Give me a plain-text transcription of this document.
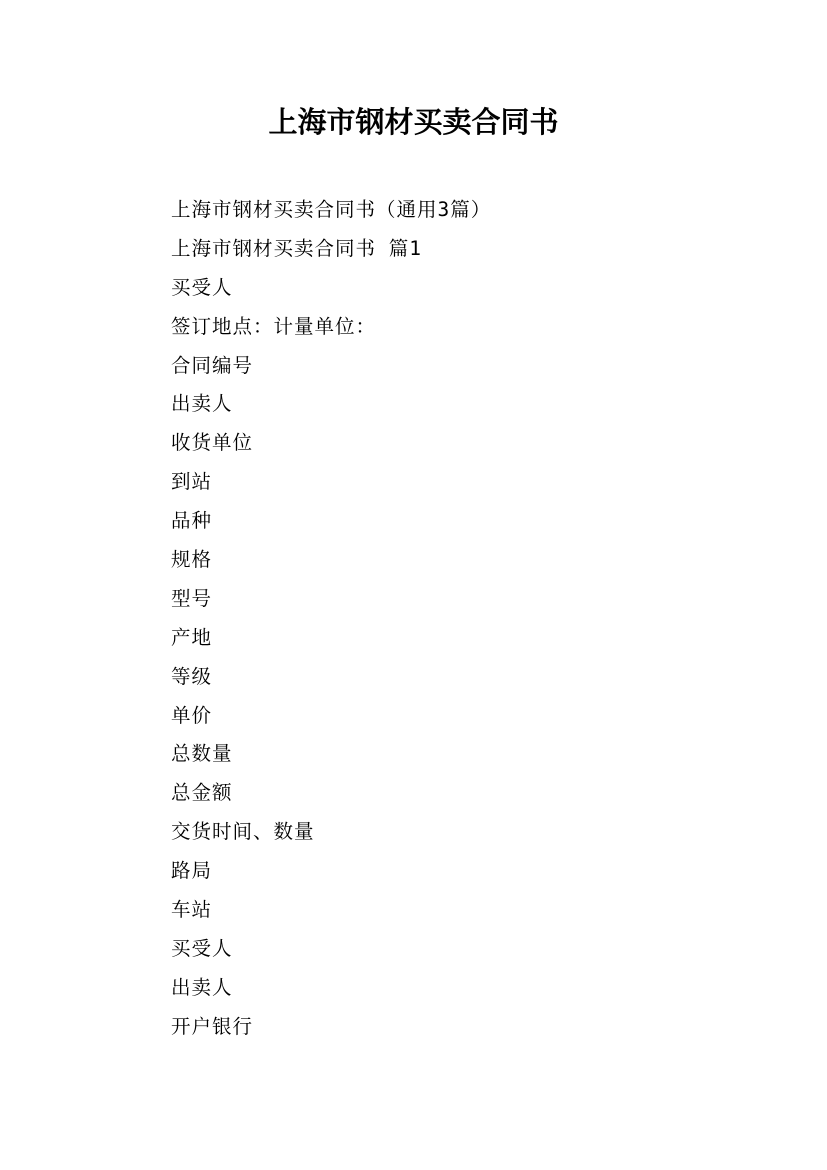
上海市钢材买卖合同书
上海市钢材买卖合同书（通用3篇）
上海市钢材买卖合同书 篇1
买受人
签订地点：计量单位：
合同编号
出卖人
收货单位
到站
品种
规格
型号
产地
等级
单价
总数量
总金额
交货时间、数量
路局
车站
买受人
出卖人
开户银行
